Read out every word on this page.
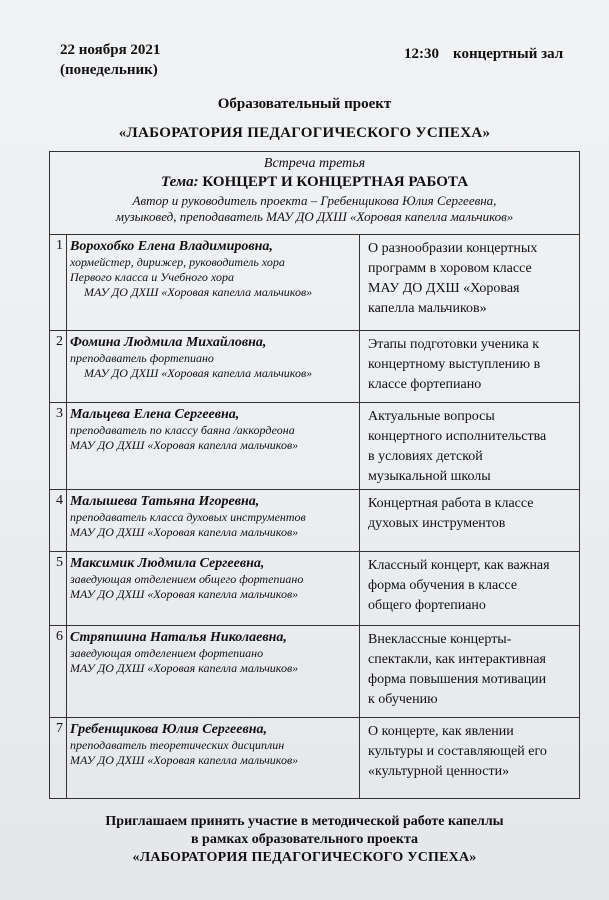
22 ноября 2021
(понедельник)
12:30 концертный зал
Образовательный проект
«ЛАБОРАТОРИЯ ПЕДАГОГИЧЕСКОГО УСПЕХА»
Встреча третья
Тема: КОНЦЕРТ И КОНЦЕРТНАЯ РАБОТА
Автор и руководитель проекта – Гребенщикова Юлия Сергеевна,
музыковед, преподаватель МАУ ДО ДХШ «Хоровая капелла мальчиков»
1 Ворохобко Елена Владимировна,
хормейстер, дирижер, руководитель хора
Первого класса и Учебного хора
МАУ ДО ДХШ «Хоровая капелла мальчиков»
О разнообразии концертных
программ в хоровом классе
МАУ ДО ДХШ «Хоровая
капелла мальчиков»
2 Фомина Людмила Михайловна,
преподаватель фортепиано
МАУ ДО ДХШ «Хоровая капелла мальчиков»
Этапы подготовки ученика к
концертному выступлению в
классе фортепиано
3 Мальцева Елена Сергеевна,
преподаватель по классу баяна /аккордеона
МАУ ДО ДХШ «Хоровая капелла мальчиков»
Актуальные вопросы
концертного исполнительства
в условиях детской
музыкальной школы
4 Малышева Татьяна Игоревна,
преподаватель класса духовых инструментов
МАУ ДО ДХШ «Хоровая капелла мальчиков»
Концертная работа в классе
духовых инструментов
5 Максимик Людмила Сергеевна,
заведующая отделением общего фортепиано
МАУ ДО ДХШ «Хоровая капелла мальчиков»
Классный концерт, как важная
форма обучения в классе
общего фортепиано
6 Стряпшина Наталья Николаевна,
заведующая отделением фортепиано
МАУ ДО ДХШ «Хоровая капелла мальчиков»
Внеклассные концерты-
спектакли, как интерактивная
форма повышения мотивации
к обучению
7 Гребенщикова Юлия Сергеевна,
преподаватель теоретических дисциплин
МАУ ДО ДХШ «Хоровая капелла мальчиков»
О концерте, как явлении
культуры и составляющей его
«культурной ценности»
Приглашаем принять участие в методической работе капеллы
в рамках образовательного проекта
«ЛАБОРАТОРИЯ ПЕДАГОГИЧЕСКОГО УСПЕХА»
